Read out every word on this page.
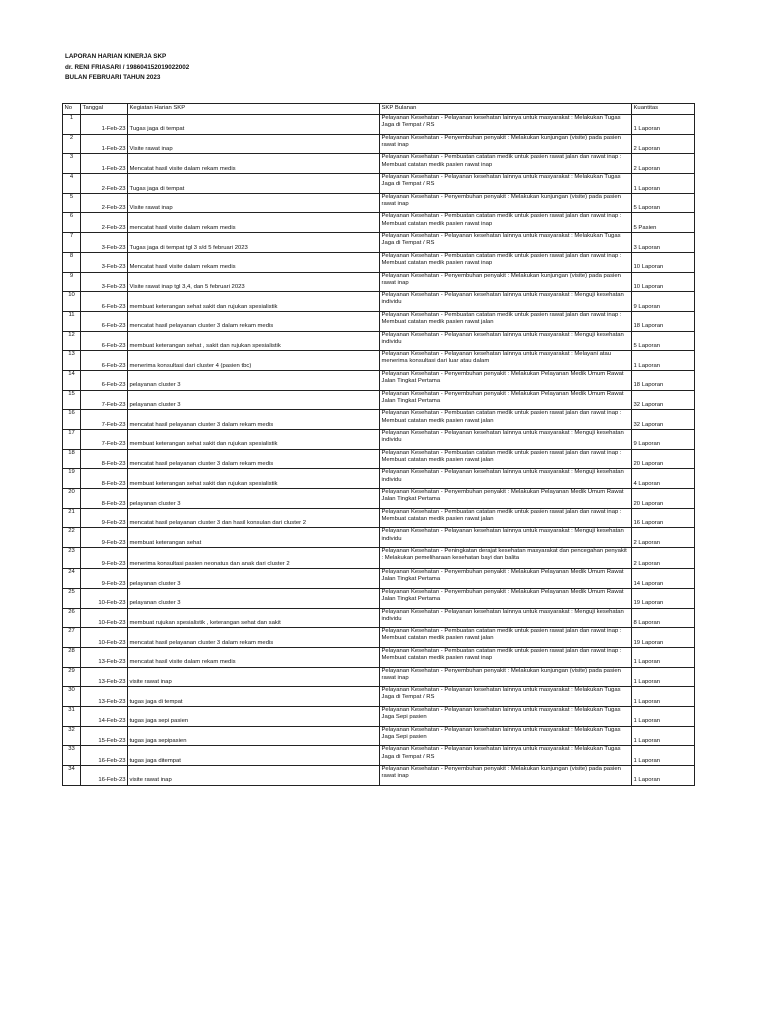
LAPORAN HARIAN KINERJA SKP
dr. RENI FRIASARI / 198604152019022002
BULAN FEBRUARI TAHUN 2023
No	Tanggal	Kegiatan Harian SKP	SKP Bulanan	Kuantitas
1	1-Feb-23	Tugas jaga di tempat	Pelayanan Kesehatan - Pelayanan kesehatan lainnya untuk masyarakat : Melakukan Tugas Jaga di Tempat / RS	1 Laporan
2	1-Feb-23	Visite rawat inap	Pelayanan Kesehatan - Penyembuhan penyakit : Melakukan kunjungan (visite) pada pasien rawat inap	2 Laporan
3	1-Feb-23	Mencatat hasil visite dalam rekam medis	Pelayanan Kesehatan - Pembuatan catatan medik untuk pasien rawat jalan dan rawat inap : Membuat catatan medik pasien rawat inap	2 Laporan
4	2-Feb-23	Tugas jaga di tempat	Pelayanan Kesehatan - Pelayanan kesehatan lainnya untuk masyarakat : Melakukan Tugas Jaga di Tempat / RS	1 Laporan
5	2-Feb-23	Visite rawat inap	Pelayanan Kesehatan - Penyembuhan penyakit : Melakukan kunjungan (visite) pada pasien rawat inap	5 Laporan
6	2-Feb-23	mencatat hasil visite dalam rekam medis	Pelayanan Kesehatan - Pembuatan catatan medik untuk pasien rawat jalan dan rawat inap : Membuat catatan medik pasien rawat inap	5 Pasien
7	3-Feb-23	Tugas jaga di tempat tgl 3 s/d 5 februari 2023	Pelayanan Kesehatan - Pelayanan kesehatan lainnya untuk masyarakat : Melakukan Tugas Jaga di Tempat / RS	3 Laporan
8	3-Feb-23	Mencatat hasil visite dalam rekam medis	Pelayanan Kesehatan - Pembuatan catatan medik untuk pasien rawat jalan dan rawat inap : Membuat catatan medik pasien rawat inap	10 Laporan
9	3-Feb-23	Visite rawat inap tgl 3,4, dan 5 februari 2023	Pelayanan Kesehatan - Penyembuhan penyakit : Melakukan kunjungan (visite) pada pasien rawat inap	10 Laporan
10	6-Feb-23	membuat keterangan sehat sakit dan rujukan spesialistik	Pelayanan Kesehatan - Pelayanan kesehatan lainnya untuk masyarakat : Menguji kesehatan individu	9 Laporan
11	6-Feb-23	mencatat hasil pelayanan cluster 3 dalam rekam medis	Pelayanan Kesehatan - Pembuatan catatan medik untuk pasien rawat jalan dan rawat inap : Membuat catatan medik pasien rawat jalan	18 Laporan
12	6-Feb-23	membuat keterangan sehat , sakit dan rujukan spesialistik	Pelayanan Kesehatan - Pelayanan kesehatan lainnya untuk masyarakat : Menguji kesehatan individu	5 Laporan
13	6-Feb-23	menerima konsultasi dari cluster 4 (pasien tbc)	Pelayanan Kesehatan - Pelayanan kesehatan lainnya untuk masyarakat : Melayani atau menerima konsultasi dari luar atau dalam	1 Laporan
14	6-Feb-23	pelayanan cluster 3	Pelayanan Kesehatan - Penyembuhan penyakit : Melakukan Pelayanan Medik Umum Rawat Jalan Tingkat Pertama	18 Laporan
15	7-Feb-23	pelayanan cluster 3	Pelayanan Kesehatan - Penyembuhan penyakit : Melakukan Pelayanan Medik Umum Rawat Jalan Tingkat Pertama	32 Laporan
16	7-Feb-23	mencatat hasil pelayanan cluster 3 dalam rekam medis	Pelayanan Kesehatan - Pembuatan catatan medik untuk pasien rawat jalan dan rawat inap : Membuat catatan medik pasien rawat jalan	32 Laporan
17	7-Feb-23	membuat keterangan sehat sakit dan rujukan spesialistik	Pelayanan Kesehatan - Pelayanan kesehatan lainnya untuk masyarakat : Menguji kesehatan individu	9 Laporan
18	8-Feb-23	mencatat hasil pelayanan cluster 3 dalam rekam medis	Pelayanan Kesehatan - Pembuatan catatan medik untuk pasien rawat jalan dan rawat inap : Membuat catatan medik pasien rawat jalan	20 Laporan
19	8-Feb-23	membuat keterangan sehat sakit dan rujukan spesialistik	Pelayanan Kesehatan - Pelayanan kesehatan lainnya untuk masyarakat : Menguji kesehatan individu	4 Laporan
20	8-Feb-23	pelayanan cluster 3	Pelayanan Kesehatan - Penyembuhan penyakit : Melakukan Pelayanan Medik Umum Rawat Jalan Tingkat Pertama	20 Laporan
21	9-Feb-23	mencatat hasil pelayanan cluster 3 dan hasil konsulan dari cluster 2	Pelayanan Kesehatan - Pembuatan catatan medik untuk pasien rawat jalan dan rawat inap : Membuat catatan medik pasien rawat jalan	16 Laporan
22	9-Feb-23	membuat keterangan sehat	Pelayanan Kesehatan - Pelayanan kesehatan lainnya untuk masyarakat : Menguji kesehatan individu	2 Laporan
23	9-Feb-23	menerima konsultasi pasien neonatus dan anak dari cluster 2	Pelayanan Kesehatan - Peningkatan derajat kesehatan masyarakat dan pencegahan penyakit : Melakukan pemeliharaan kesehatan bayi dan balita	2 Laporan
24	9-Feb-23	pelayanan cluster 3	Pelayanan Kesehatan - Penyembuhan penyakit : Melakukan Pelayanan Medik Umum Rawat Jalan Tingkat Pertama	14 Laporan
25	10-Feb-23	pelayanan cluster 3	Pelayanan Kesehatan - Penyembuhan penyakit : Melakukan Pelayanan Medik Umum Rawat Jalan Tingkat Pertama	19 Laporan
26	10-Feb-23	membuat rujukan spesialistik , keterangan sehat dan sakit	Pelayanan Kesehatan - Pelayanan kesehatan lainnya untuk masyarakat : Menguji kesehatan individu	8 Laporan
27	10-Feb-23	mencatat hasil pelayanan cluster 3 dalam rekam medis	Pelayanan Kesehatan - Pembuatan catatan medik untuk pasien rawat jalan dan rawat inap : Membuat catatan medik pasien rawat jalan	19 Laporan
28	13-Feb-23	mencatat hasil visite dalam rekam medis	Pelayanan Kesehatan - Pembuatan catatan medik untuk pasien rawat jalan dan rawat inap : Membuat catatan medik pasien rawat inap	1 Laporan
29	13-Feb-23	visite rawat inap	Pelayanan Kesehatan - Penyembuhan penyakit : Melakukan kunjungan (visite) pada pasien rawat inap	1 Laporan
30	13-Feb-23	tugas jaga di tempat	Pelayanan Kesehatan - Pelayanan kesehatan lainnya untuk masyarakat : Melakukan Tugas Jaga di Tempat / RS	1 Laporan
31	14-Feb-23	tugas jaga sepi pasien	Pelayanan Kesehatan - Pelayanan kesehatan lainnya untuk masyarakat : Melakukan Tugas Jaga Sepi pasien	1 Laporan
32	15-Feb-23	tugas jaga sepipasien	Pelayanan Kesehatan - Pelayanan kesehatan lainnya untuk masyarakat : Melakukan Tugas Jaga Sepi pasien	1 Laporan
33	16-Feb-23	tugas jaga ditempat	Pelayanan Kesehatan - Pelayanan kesehatan lainnya untuk masyarakat : Melakukan Tugas Jaga di Tempat / RS	1 Laporan
34	16-Feb-23	visite rawat inap	Pelayanan Kesehatan - Penyembuhan penyakit : Melakukan kunjungan (visite) pada pasien rawat inap	1 Laporan
